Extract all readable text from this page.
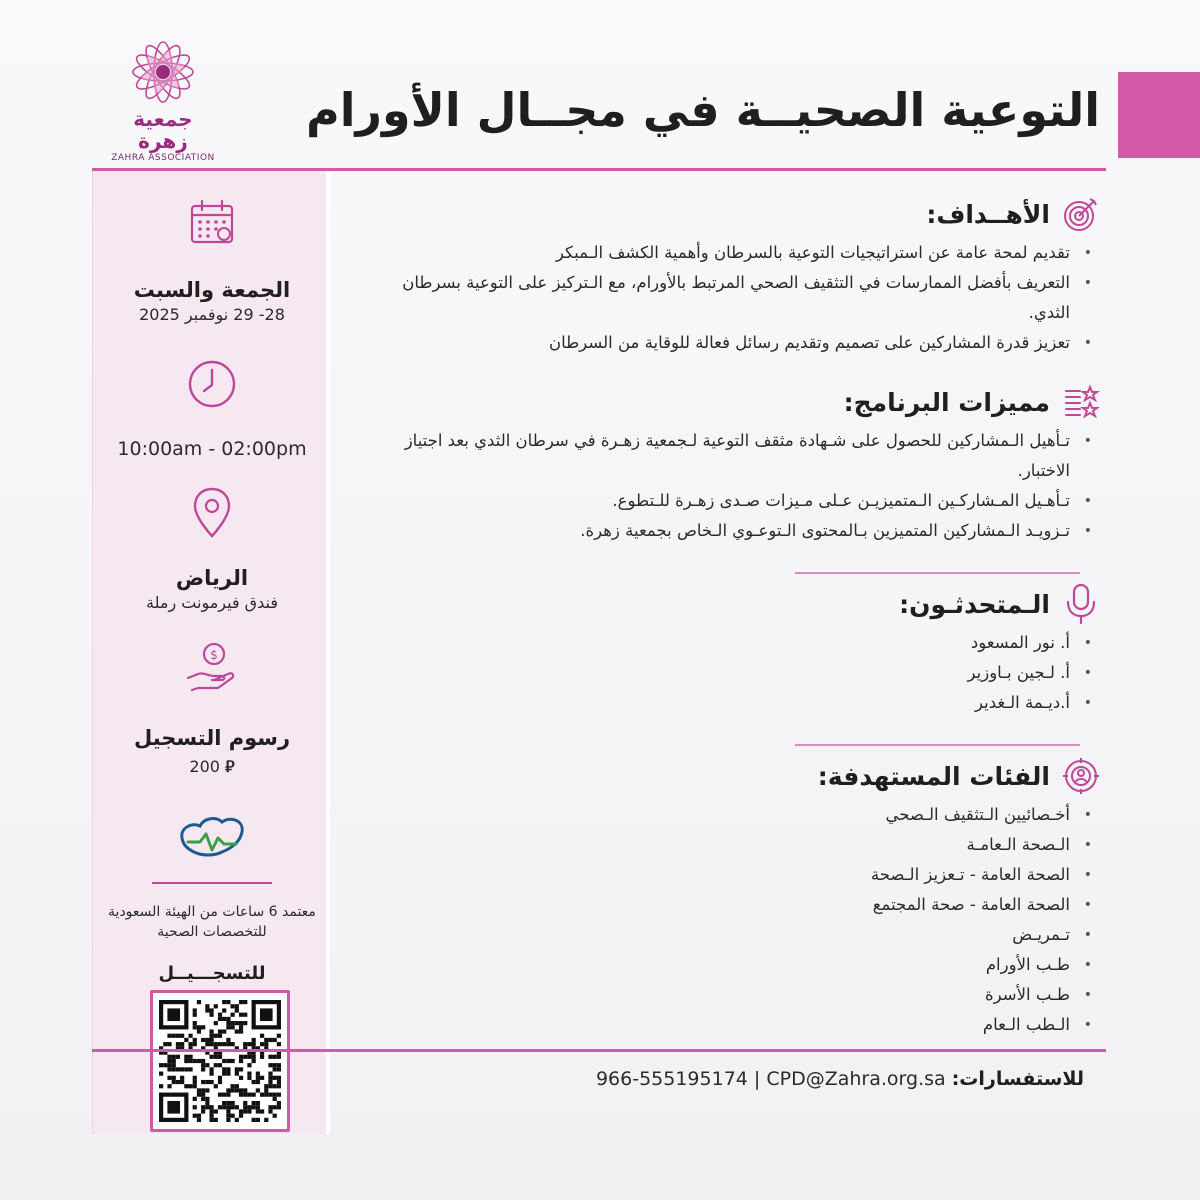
التوعية الصحيــة في مجــال الأورام
جمعية زهرة
ZAHRA ASSOCIATION
الجمعة والسبت
28- 29 نوفمبر 2025
10:00am - 02:00pm
الرياض
فندق فيرمونت رملة
$
رسوم التسجيل
⃁ 200
معتمد 6 ساعات من الهيئة السعودية للتخصصات الصحية
للتسجـــيــل
الأهــداف:
• تقديم لمحة عامة عن استراتيجيات التوعية بالسرطان وأهمية الكشف الـمبكر
• التعريف بأفضل الممارسات في التثقيف الصحي المرتبط بالأورام، مع الـتركيز على التوعية بسرطان الثدي.
• تعزيز قدرة المشاركين على تصميم وتقديم رسائل فعالة للوقاية من السرطان
مميزات البرنامج:
• تـأهيل الـمشاركين للحصول على شـهادة مثقف التوعية لـجمعية زهـرة في سرطان الثدي بعد اجتياز الاختبار.
• تـأهـيل المـشاركـين الـمتميزيـن عـلى مـيزات صـدى زهـرة للـتطوع.
• تـزويـد الـمشاركين المتميزين بـالمحتوى الـتوعـوي الـخاص بجمعية زهرة.
الـمتحدثـون:
• أ. نور المسعود
• أ. لـجين بـاوزير
• أ.ديـمة الـغدير
الفئات المستهدفة:
• أخـصائيين الـتثقيف الـصحي
• الـصحة الـعامـة
• الصحة العامة - تـعزيز الـصحة
• الصحة العامة - صحة المجتمع
• تـمريـض
• طـب الأورام
• طـب الأسرة
• الـطب الـعام
للاستفسارات: 966-555195174 | CPD@Zahra.org.sa
